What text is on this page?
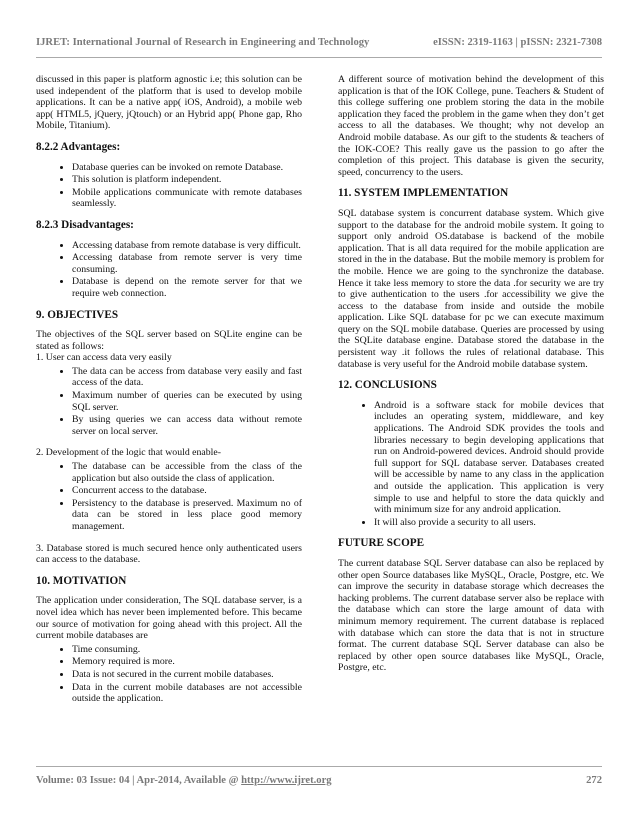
IJRET: International Journal of Research in Engineering and Technology	eISSN: 2319-1163 | pISSN: 2321-7308

discussed in this paper is platform agnostic i.e; this solution can be used independent of the platform that is used to develop mobile applications. It can be a native app( iOS, Android), a mobile web app( HTML5, jQuery, jQtouch) or an Hybrid app( Phone gap, Rho Mobile, Titanium).

8.2.2 Advantages:
• Database queries can be invoked on remote Database.
• This solution is platform independent.
• Mobile applications communicate with remote databases seamlessly.
8.2.3 Disadvantages:
• Accessing database from remote database is very difficult.
• Accessing database from remote server is very time consuming.
• Database is depend on the remote server for that we require web connection.
9. OBJECTIVES

The objectives of the SQL server based on SQLite engine can be stated as follows:

1. User can access data very easily

• The data can be access from database very easily and fast access of the data.
• Maximum number of queries can be executed by using SQL server.
• By using queries we can access data without remote server on local server.

2. Development of the logic that would enable-

• The database can be accessible from the class of the application but also outside the class of application.
• Concurrent access to the database.
• Persistency to the database is preserved. Maximum no of data can be stored in less place good memory management.

3. Database stored is much secured hence only authenticated users can access to the database.

10. MOTIVATION

The application under consideration, The SQL database server, is a novel idea which has never been implemented before. This became our source of motivation for going ahead with this project. All the current mobile databases are

• Time consuming.
• Memory required is more.
• Data is not secured in the current mobile databases.
• Data in the current mobile databases are not accessible outside the application.

A different source of motivation behind the development of this application is that of the IOK College, pune. Teachers & Student of this college suffering one problem storing the data in the mobile application they faced the problem in the game when they don’t get access to all the databases. We thought; why not develop an Android mobile database. As our gift to the students & teachers of the IOK-COE? This really gave us the passion to go after the completion of this project. This database is given the security, speed, concurrency to the users.

11. SYSTEM IMPLEMENTATION

SQL database system is concurrent database system. Which give support to the database for the android mobile system. It going to support only android OS.database is backend of the mobile application. That is all data required for the mobile application are stored in the in the database. But the mobile memory is problem for the mobile. Hence we are going to the synchronize the database. Hence it take less memory to store the data .for security we are try to give authentication to the users .for accessibility we give the access to the database from inside and outside the mobile application. Like SQL database for pc we can execute maximum query on the SQL mobile database. Queries are processed by using the SQLite database engine. Database stored the database in the persistent way .it follows the rules of relational database. This database is very useful for the Android mobile database system.

12. CONCLUSIONS
• Android is a software stack for mobile devices that includes an operating system, middleware, and key applications. The Android SDK provides the tools and libraries necessary to begin developing applications that run on Android-powered devices. Android should provide full support for SQL database server. Databases created will be accessible by name to any class in the application and outside the application. This application is very simple to use and helpful to store the data quickly and with minimum size for any android application.
• It will also provide a security to all users.
FUTURE SCOPE

The current database SQL Server database can also be replaced by other open Source databases like MySQL, Oracle, Postgre, etc. We can improve the security in database storage which decreases the hacking problems. The current database server also be replace with the database which can store the large amount of data with minimum memory requirement. The current database is replaced with database which can store the data that is not in structure format. The current database SQL Server database can also be replaced by other open source databases like MySQL, Oracle, Postgre, etc.

Volume: 03 Issue: 04 | Apr-2014, Available @ http://www.ijret.org	272
